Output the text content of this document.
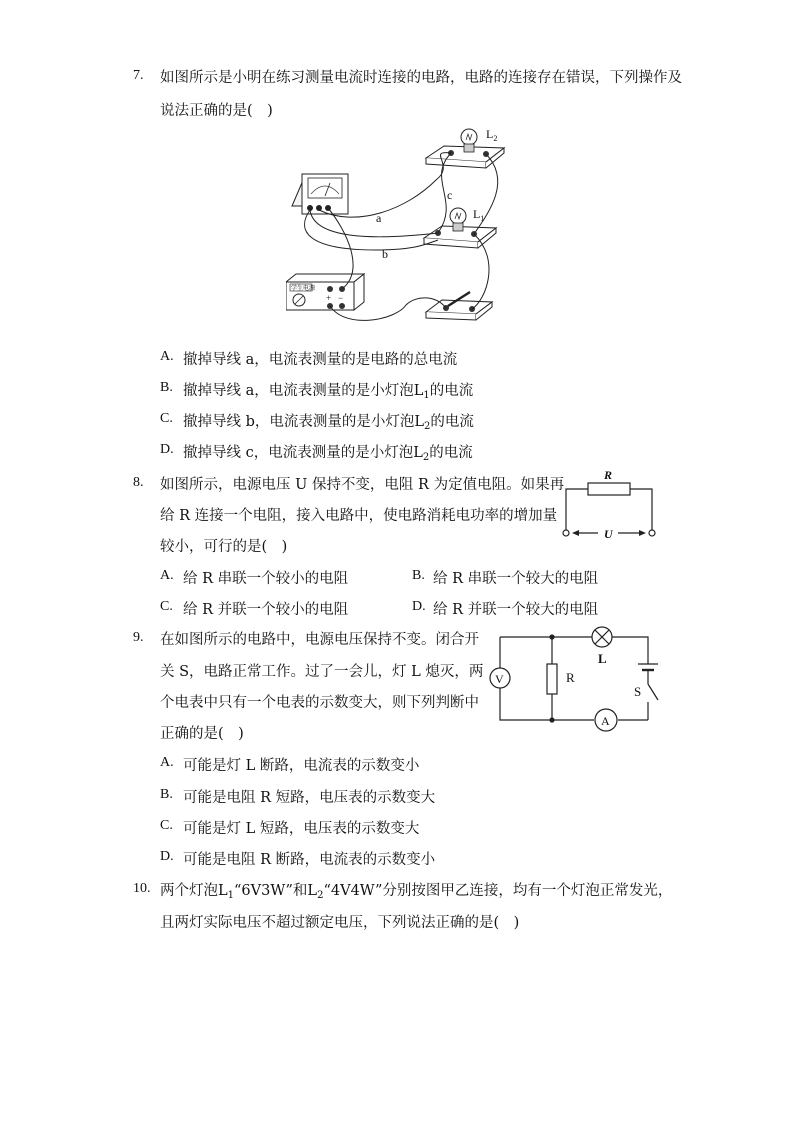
7. 如图所示是小明在练习测量电流时连接的电路，电路的连接存在错误，下列操作及
说法正确的是(　)
$L_2$
$L_1$
学生电源
+ −
a
b
c
A. 撤掉导线 a，电流表测量的是电路的总电流
B. 撤掉导线 a，电流表测量的是小灯泡$L_1$的电流
C. 撤掉导线 b，电流表测量的是小灯泡$L_2$的电流
D. 撤掉导线 c，电流表测量的是小灯泡$L_2$的电流
8. 如图所示，电源电压 U 保持不变，电阻 R 为定值电阻。如果再
给 R 连接一个电阻，接入电路中，使电路消耗电功率的增加量
较小，可行的是(　)
R
U
A. 给 R 串联一个较小的电阻	B. 给 R 串联一个较大的电阻
C. 给 R 并联一个较小的电阻	D. 给 R 并联一个较大的电阻
9. 在如图所示的电路中，电源电压保持不变。闭合开
关 S，电路正常工作。过了一会儿，灯 L 熄灭，两
个电表中只有一个电表的示数变大，则下列判断中
正确的是(　)
V	R
L
S
A
A. 可能是灯 L 断路，电流表的示数变小
B. 可能是电阻 R 短路，电压表的示数变大
C. 可能是灯 L 短路，电压表的示数变大
D. 可能是电阻 R 断路，电流表的示数变小
10. 两个灯泡$L_1“6V3W$”和$L_2“4V4W$”分别按图甲乙连接，均有一个灯泡正常发光，
且两灯实际电压不超过额定电压，下列说法正确的是(　)
